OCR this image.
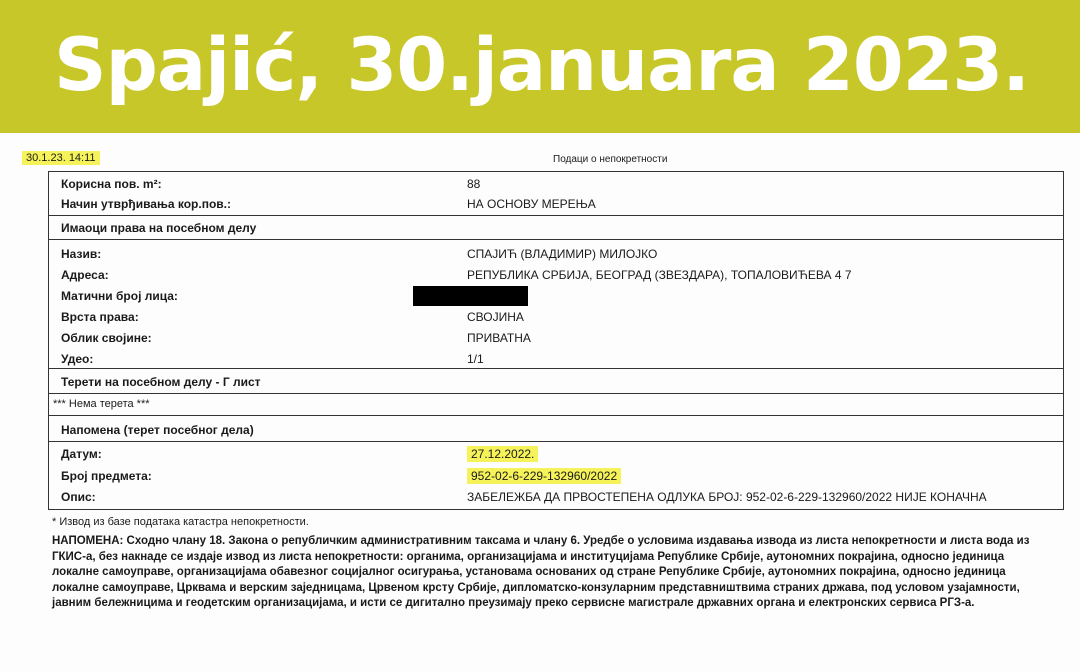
Spajić, 30.januara 2023.
30.1.23. 14:11	Подаци о непокретности
Корисна пов. m²:	88
Начин утврђивања кор.пов.:	НА ОСНОВУ МЕРЕЊА
Имаоци права на посебном делу
Назив:	СПАЈИЋ (ВЛАДИМИР) МИЛОЈКО
Адреса:	РЕПУБЛИКА СРБИЈА, БЕОГРАД (ЗВЕЗДАРА), ТОПАЛОВИЋЕВА 4 7
Матични број лица:
Врста права:	СВОЈИНА
Облик својине:	ПРИВАТНА
Удео:	1/1
Терети на посебном делу - Г лист
*** Нема терета ***
Напомена (терет посебног дела)
Датум:	27.12.2022.
Број предмета:	952-02-6-229-132960/2022
Опис:	ЗАБЕЛЕЖБА ДА ПРВОСТЕПЕНА ОДЛУКА БРОЈ: 952-02-6-229-132960/2022 НИЈЕ КОНАЧНА
* Извод из базе података катастра непокретности.
НАПОМЕНА: Сходно члану 18. Закона о републичким административним таксама и члану 6. Уредбе о условима издавања извода из листа непокретности и листа вода из ГКИС-а, без накнаде се издаје извод из листа непокретности: органима, организацијама и институцијама Републике Србије, аутономних покрајина, односно јединица локалне самоуправе, организацијама обавезног социјалног осигурања, установама основаних од стране Републике Србије, аутономних покрајина, односно јединица локалне самоуправе, Црквама и верским заједницама, Црвеном крсту Србије, дипломатско-конзуларним представништвима страних држава, под условом узајамности, јавним бележницима и геодетским организацијама, и исти се дигитално преузимају преко сервисне магистрале државних органа и електронских сервиса РГЗ-а.
